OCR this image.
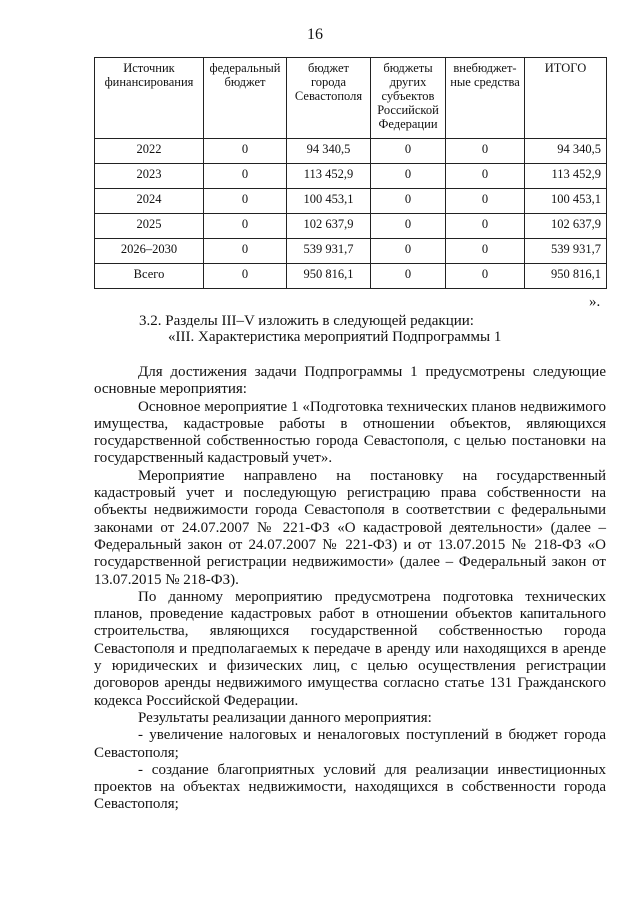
16
Источник финансирования	федеральный бюджет	бюджет города Севастополя	бюджеты других субъектов Российской Федерации	внебюджет-ные средства	ИТОГО
2022	0	94 340,5	0	0	94 340,5
2023	0	113 452,9	0	0	113 452,9
2024	0	100 453,1	0	0	100 453,1
2025	0	102 637,9	0	0	102 637,9
2026–2030	0	539 931,7	0	0	539 931,7
Всего	0	950 816,1	0	0	950 816,1
».
3.2. Разделы III–V изложить в следующей редакции:
«III. Характеристика мероприятий Подпрограммы 1

Для достижения задачи Подпрограммы 1 предусмотрены следующие основные мероприятия:

Основное мероприятие 1 «Подготовка технических планов недвижимого имущества, кадастровые работы в отношении объектов, являющихся государственной собственностью города Севастополя, с целью постановки на государственный кадастровый учет».

Мероприятие направлено на постановку на государственный кадастровый учет и последующую регистрацию права собственности на объекты недвижимости города Севастополя в соответствии с федеральными законами от 24.07.2007 № 221-ФЗ «О кадастровой деятельности» (далее – Федеральный закон от 24.07.2007 № 221-ФЗ) и от 13.07.2015 № 218-ФЗ «О государственной регистрации недвижимости» (далее – Федеральный закон от 13.07.2015 № 218-ФЗ).

По данному мероприятию предусмотрена подготовка технических планов, проведение кадастровых работ в отношении объектов капитального строительства, являющихся государственной собственностью города Севастополя и предполагаемых к передаче в аренду или находящихся в аренде у юридических и физических лиц, с целью осуществления регистрации договоров аренды недвижимого имущества согласно статье 131 Гражданского кодекса Российской Федерации.

Результаты реализации данного мероприятия:

- увеличение налоговых и неналоговых поступлений в бюджет города Севастополя;

- создание благоприятных условий для реализации инвестиционных проектов на объектах недвижимости, находящихся в собственности города Севастополя;
